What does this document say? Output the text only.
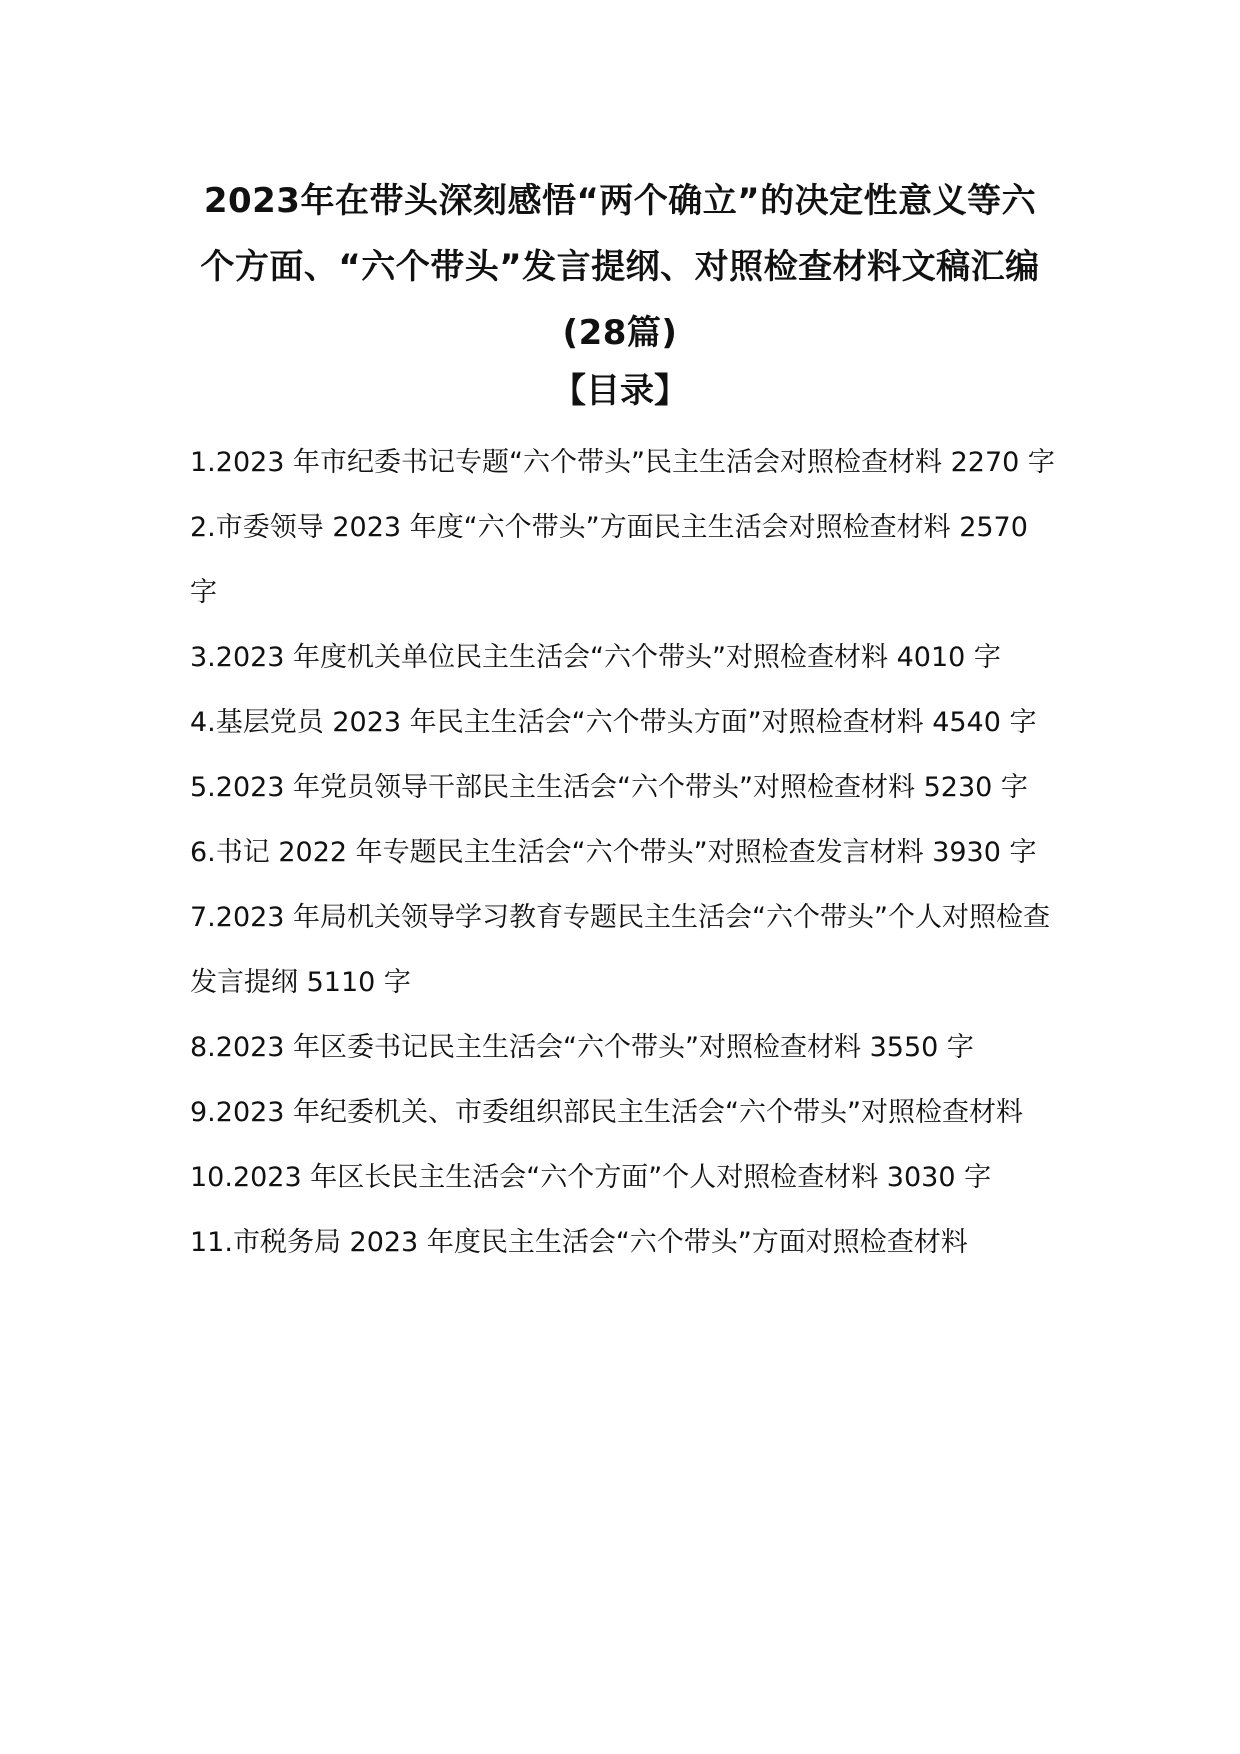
2023年在带头深刻感悟“两个确立”的决定性意义等六个方面、“六个带头”发言提纲、对照检查材料文稿汇编(28篇)
【目录】
1.2023 年市纪委书记专题“六个带头”民主生活会对照检查材料 2270 字
2.市委领导 2023 年度“六个带头”方面民主生活会对照检查材料 2570 字
3.2023 年度机关单位民主生活会“六个带头”对照检查材料 4010 字
4.基层党员 2023 年民主生活会“六个带头方面”对照检查材料 4540 字
5.2023 年党员领导干部民主生活会“六个带头”对照检查材料 5230 字
6.书记 2022 年专题民主生活会“六个带头”对照检查发言材料 3930 字
7.2023 年局机关领导学习教育专题民主生活会“六个带头”个人对照检查发言提纲 5110 字
8.2023 年区委书记民主生活会“六个带头”对照检查材料 3550 字
9.2023 年纪委机关、市委组织部民主生活会“六个带头”对照检查材料
10.2023 年区长民主生活会“六个方面”个人对照检查材料 3030 字
11.市税务局 2023 年度民主生活会“六个带头”方面对照检查材料
